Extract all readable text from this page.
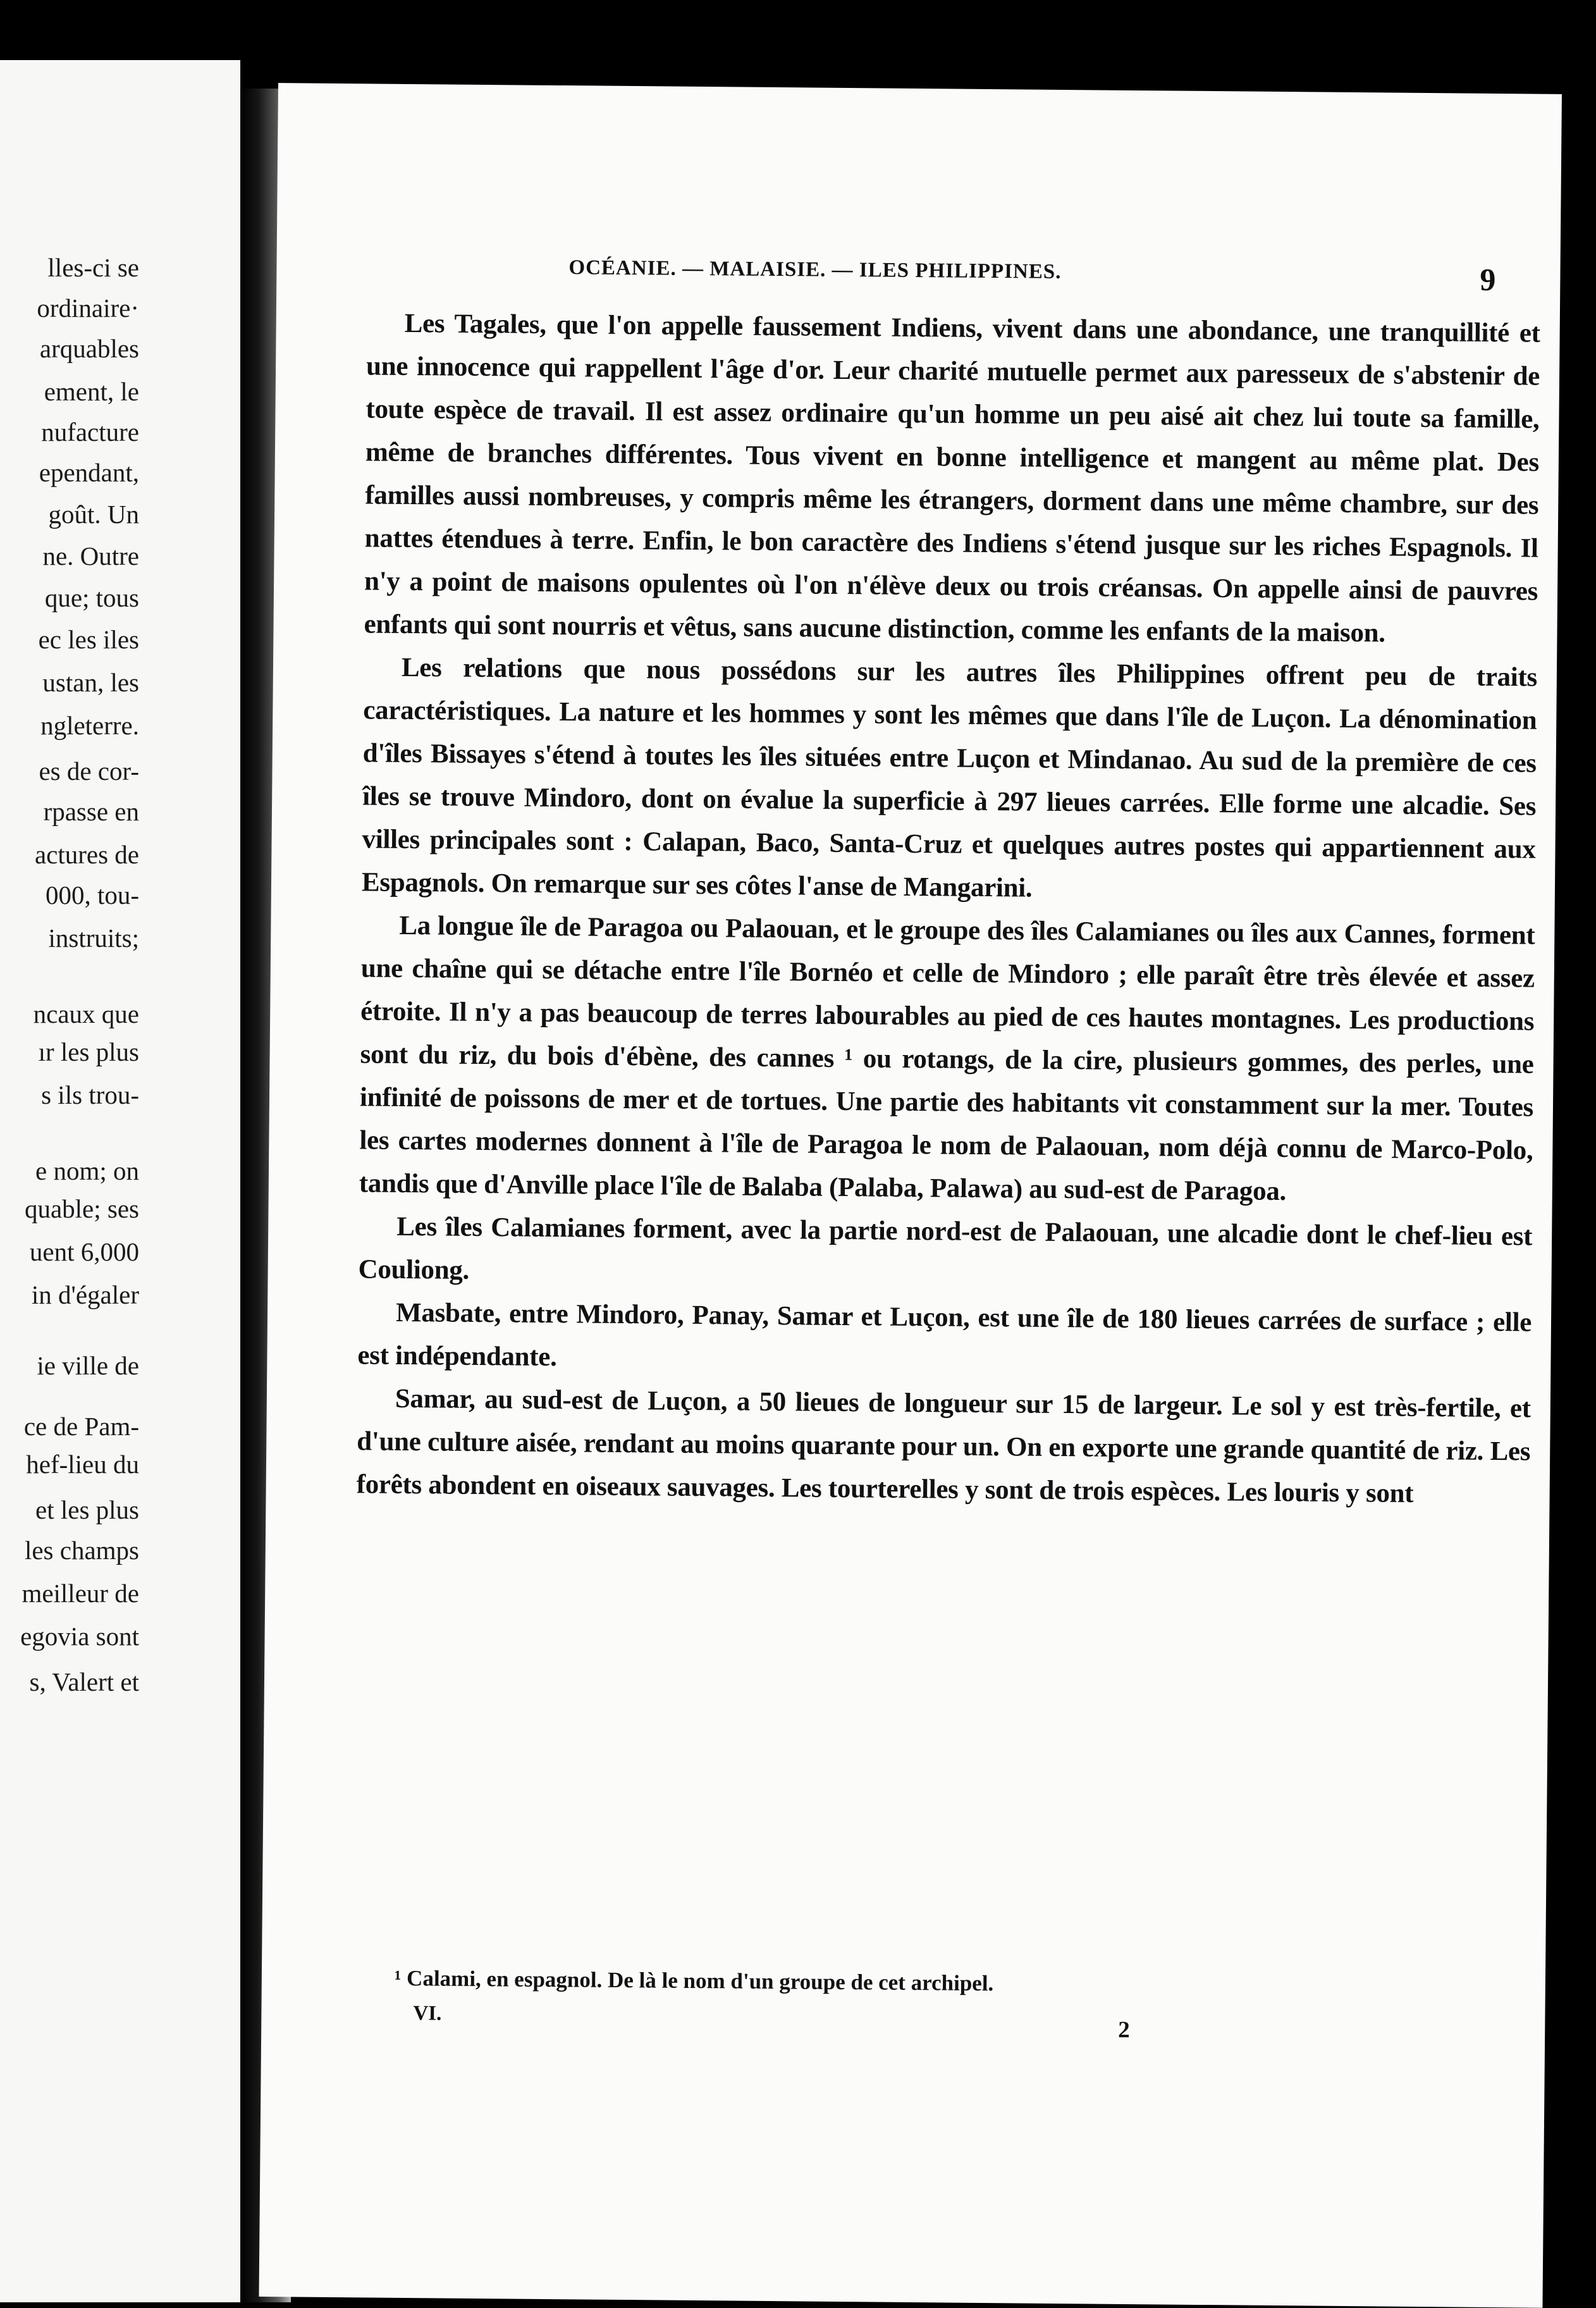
lles-ci se
ordinaire·
arquables
ement, le
nufacture
ependant,
goût. Un
ne. Outre
que; tous
ec les iles
ustan, les
ngleterre.
es de cor-
rpasse en
actures de
000, tou-
instruits;
ncaux que
ır les plus
s ils trou-
e nom; on
quable; ses
uent 6,000
in d'égaler
ie ville de
ce de Pam-
hef-lieu du
et les plus
les champs
meilleur de
egovia sont
s, Valert et
OCÉANIE. — MALAISIE. — ILES PHILIPPINES.	9

Les Tagales, que l'on appelle faussement Indiens, vivent dans une abondance, une tranquillité et une innocence qui rappellent l'âge d'or. Leur charité mutuelle permet aux paresseux de s'abstenir de toute espèce de travail. Il est assez ordinaire qu'un homme un peu aisé ait chez lui toute sa famille, même de branches différentes. Tous vivent en bonne intelligence et mangent au même plat. Des familles aussi nombreuses, y compris même les étrangers, dorment dans une même chambre, sur des nattes étendues à terre. Enfin, le bon caractère des Indiens s'étend jusque sur les riches Espagnols. Il n'y a point de maisons opulentes où l'on n'élève deux ou trois créansas. On appelle ainsi de pauvres enfants qui sont nourris et vêtus, sans aucune distinction, comme les enfants de la maison.

Les relations que nous possédons sur les autres îles Philippines offrent peu de traits caractéristiques. La nature et les hommes y sont les mêmes que dans l'île de Luçon. La dénomination d'îles Bissayes s'étend à toutes les îles situées entre Luçon et Mindanao. Au sud de la première de ces îles se trouve Mindoro, dont on évalue la superficie à 297 lieues carrées. Elle forme une alcadie. Ses villes principales sont : Calapan, Baco, Santa-Cruz et quelques autres postes qui appartiennent aux Espagnols. On remarque sur ses côtes l'anse de Mangarini.

La longue île de Paragoa ou Palaouan, et le groupe des îles Calamianes ou îles aux Cannes, forment une chaîne qui se détache entre l'île Bornéo et celle de Mindoro ; elle paraît être très élevée et assez étroite. Il n'y a pas beaucoup de terres labourables au pied de ces hautes montagnes. Les productions sont du riz, du bois d'ébène, des cannes ¹ ou rotangs, de la cire, plusieurs gommes, des perles, une infinité de poissons de mer et de tortues. Une partie des habitants vit constamment sur la mer. Toutes les cartes modernes donnent à l'île de Paragoa le nom de Palaouan, nom déjà connu de Marco-Polo, tandis que d'Anville place l'île de Balaba (Palaba, Palawa) au sud-est de Paragoa.

Les îles Calamianes forment, avec la partie nord-est de Palaouan, une alcadie dont le chef-lieu est Couliong.

Masbate, entre Mindoro, Panay, Samar et Luçon, est une île de 180 lieues carrées de surface ; elle est indépendante.

Samar, au sud-est de Luçon, a 50 lieues de longueur sur 15 de largeur. Le sol y est très-fertile, et d'une culture aisée, rendant au moins quarante pour un. On en exporte une grande quantité de riz. Les forêts abondent en oiseaux sauvages. Les tourterelles y sont de trois espèces. Les louris y sont

¹ Calami, en espagnol. De là le nom d'un groupe de cet archipel.
VI.
2
